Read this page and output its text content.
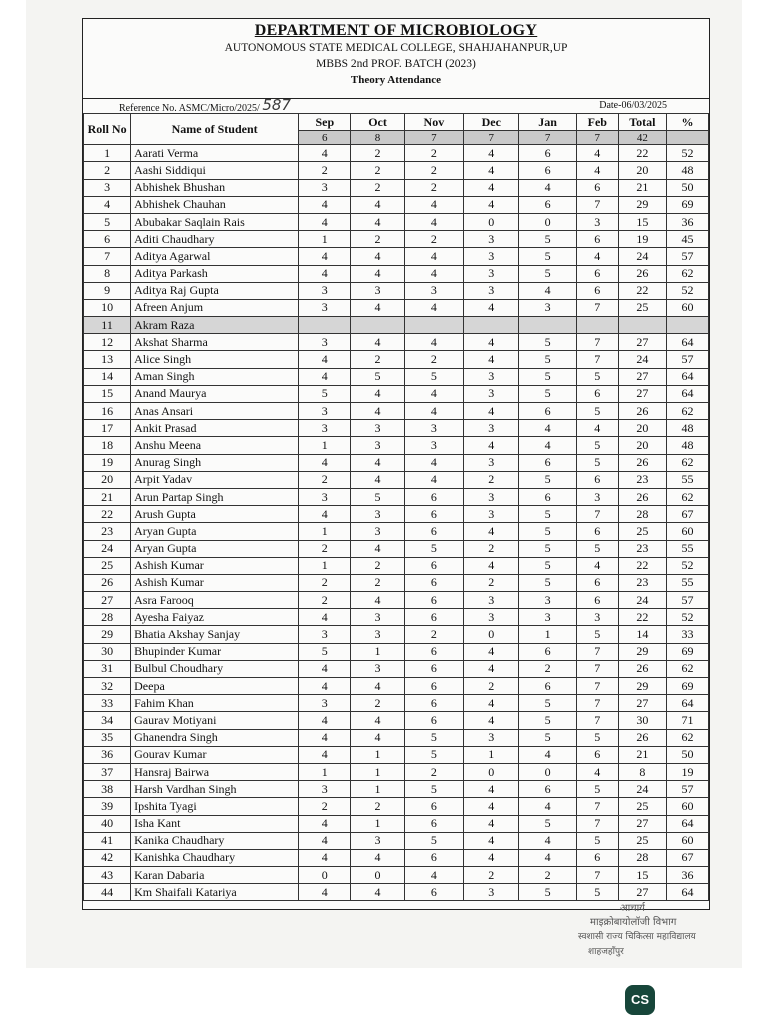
DEPARTMENT OF MICROBIOLOGY
AUTONOMOUS STATE MEDICAL COLLEGE, SHAHJAHANPUR,UP
MBBS 2nd PROF. BATCH (2023)
Theory Attendance
Reference No. ASMC/Micro/2025/ 587	Date-06/03/2025
Roll No	Name of Student	Sep	Oct	Nov	Dec	Jan	Feb	Total	%
		6	8	7	7	7	7	42	
1	Aarati Verma	4	2	2	4	6	4	22	52
2	Aashi Siddiqui	2	2	2	4	6	4	20	48
3	Abhishek Bhushan	3	2	2	4	4	6	21	50
4	Abhishek Chauhan	4	4	4	4	6	7	29	69
5	Abubakar Saqlain Rais	4	4	4	0	0	3	15	36
6	Aditi Chaudhary	1	2	2	3	5	6	19	45
7	Aditya Agarwal	4	4	4	3	5	4	24	57
8	Aditya Parkash	4	4	4	3	5	6	26	62
9	Aditya Raj Gupta	3	3	3	3	4	6	22	52
10	Afreen Anjum	3	4	4	4	3	7	25	60
11	Akram Raza								
12	Akshat Sharma	3	4	4	4	5	7	27	64
13	Alice Singh	4	2	2	4	5	7	24	57
14	Aman Singh	4	5	5	3	5	5	27	64
15	Anand Maurya	5	4	4	3	5	6	27	64
16	Anas Ansari	3	4	4	4	6	5	26	62
17	Ankit Prasad	3	3	3	3	4	4	20	48
18	Anshu Meena	1	3	3	4	4	5	20	48
19	Anurag Singh	4	4	4	3	6	5	26	62
20	Arpit Yadav	2	4	4	2	5	6	23	55
21	Arun Partap Singh	3	5	6	3	6	3	26	62
22	Arush Gupta	4	3	6	3	5	7	28	67
23	Aryan Gupta	1	3	6	4	5	6	25	60
24	Aryan Gupta	2	4	5	2	5	5	23	55
25	Ashish Kumar	1	2	6	4	5	4	22	52
26	Ashish Kumar	2	2	6	2	5	6	23	55
27	Asra Farooq	2	4	6	3	3	6	24	57
28	Ayesha Faiyaz	4	3	6	3	3	3	22	52
29	Bhatia Akshay Sanjay	3	3	2	0	1	5	14	33
30	Bhupinder Kumar	5	1	6	4	6	7	29	69
31	Bulbul Choudhary	4	3	6	4	2	7	26	62
32	Deepa	4	4	6	2	6	7	29	69
33	Fahim Khan	3	2	6	4	5	7	27	64
34	Gaurav Motiyani	4	4	6	4	5	7	30	71
35	Ghanendra Singh	4	4	5	3	5	5	26	62
36	Gourav Kumar	4	1	5	1	4	6	21	50
37	Hansraj Bairwa	1	1	2	0	0	4	8	19
38	Harsh Vardhan Singh	3	1	5	4	6	5	24	57
39	Ipshita Tyagi	2	2	6	4	4	7	25	60
40	Isha Kant	4	1	6	4	5	7	27	64
41	Kanika Chaudhary	4	3	5	4	4	5	25	60
42	Kanishka Chaudhary	4	4	6	4	4	6	28	67
43	Karan Dabaria	0	0	4	2	2	7	15	36
44	Km Shaifali Katariya	4	4	6	3	5	5	27	64
आचार्य
माइक्रोबायोलॉजी विभाग
स्वशासी राज्य चिकित्सा महाविद्यालय
शाहजहाँपुर
CS
